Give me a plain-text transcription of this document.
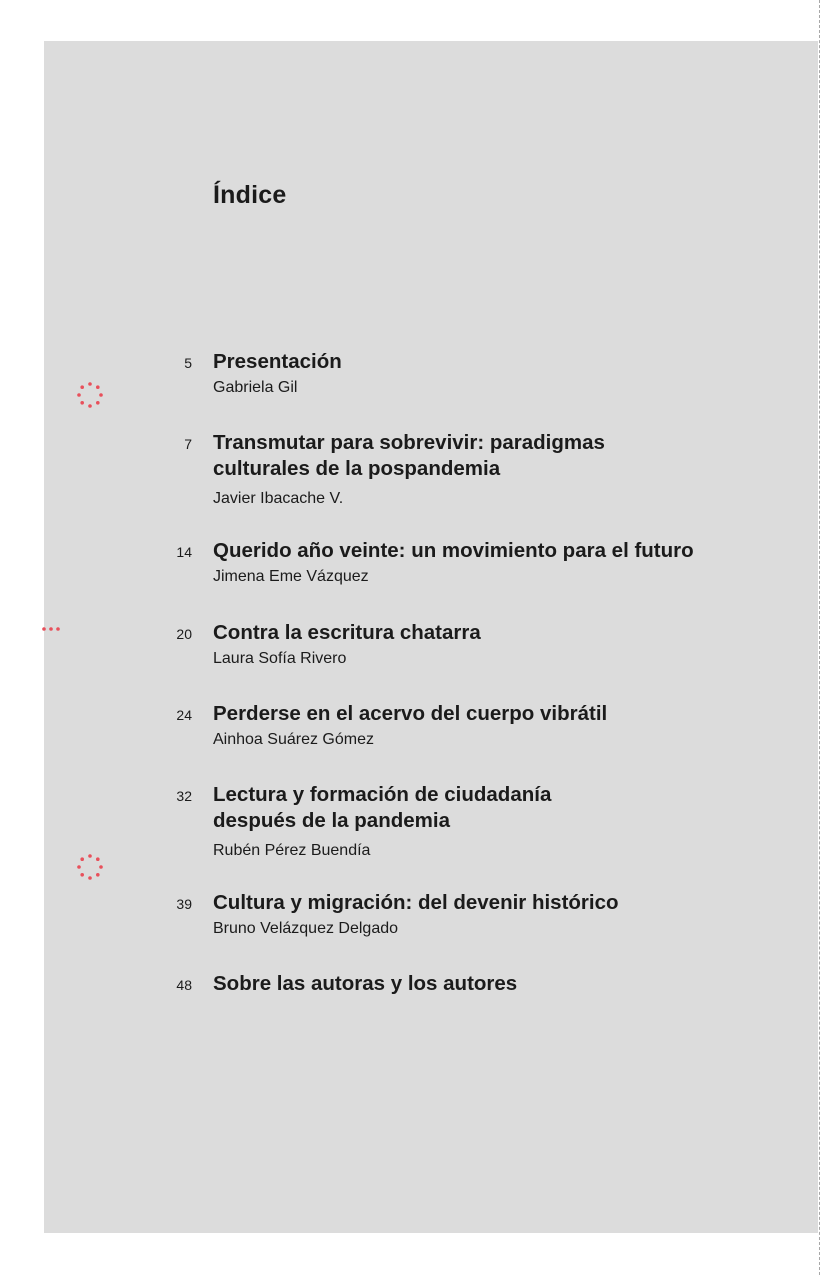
Índice
5 Presentación
Gabriela Gil
7 Transmutar para sobrevivir: paradigmas
culturales de la pospandemia
Javier Ibacache V.
14 Querido año veinte: un movimiento para el futuro
Jimena Eme Vázquez
20 Contra la escritura chatarra
Laura Sofía Rivero
24 Perderse en el acervo del cuerpo vibrátil
Ainhoa Suárez Gómez
32 Lectura y formación de ciudadanía
después de la pandemia
Rubén Pérez Buendía
39 Cultura y migración: del devenir histórico
Bruno Velázquez Delgado
48 Sobre las autoras y los autores
